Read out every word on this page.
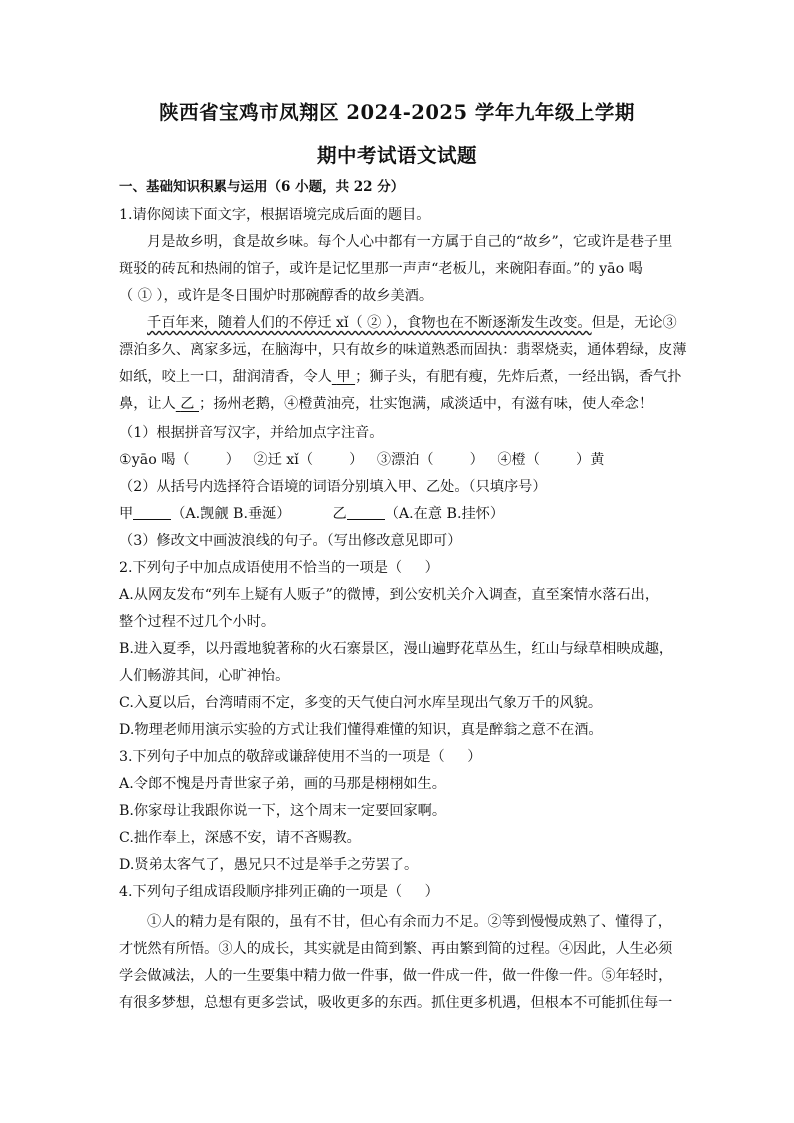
陕西省宝鸡市凤翔区 2024-2025 学年九年级上学期
期中考试语文试题
一、基础知识积累与运用（6 小题，共 22 分）
1.请你阅读下面文字，根据语境完成后面的题目。
月是故乡明，食是故乡味。每个人心中都有一方属于自己的“故乡”，它或许是巷子里
斑驳的砖瓦和热闹的馆子，或许是记忆里那一声声“老板儿，来碗阳春面。”的 yāo 喝
（ ① ），或许是冬日围炉时那碗醇香的故乡美酒。
千百年来，随着人们的不停迁 xǐ（ ② ），食物也在不断逐渐发生改变。但是，无论③
漂泊多久、离家多远，在脑海中，只有故乡的味道熟悉而固执：翡翠烧卖，通体碧绿，皮薄
如纸，咬上一口，甜润清香，令人 甲 ；狮子头，有肥有瘦，先炸后煮，一经出锅，香气扑
鼻，让人 乙 ；扬州老鹅，④橙黄油亮，壮实饱满，咸淡适中，有滋有味，使人牵念！
（1）根据拼音写汉字，并给加点字注音。
①yāo 喝（        ）   ②迁 xǐ（        ）   ③漂泊（        ）   ④橙（        ）黄
（2）从括号内选择符合语境的词语分别填入甲、乙处。（只填序号）
甲	（A.觊觎 B.垂涎）	乙	（A.在意 B.挂怀）
（3）修改文中画波浪线的句子。（写出修改意见即可）
2.下列句子中加点成语使用不恰当的一项是（     ）
A.从网友发布“列车上疑有人贩子”的微博，到公安机关介入调查，直至案情水落石出，
整个过程不过几个小时。
B.进入夏季，以丹霞地貌著称的火石寨景区，漫山遍野花草丛生，红山与绿草相映成趣，
人们畅游其间，心旷神怡。
C.入夏以后，台湾晴雨不定，多变的天气使白河水库呈现出气象万千的风貌。
D.物理老师用演示实验的方式让我们懂得难懂的知识，真是醉翁之意不在酒。
3.下列句子中加点的敬辞或谦辞使用不当的一项是（     ）
A.令郎不愧是丹青世家子弟，画的马那是栩栩如生。
B.你家母让我跟你说一下，这个周末一定要回家啊。
C.拙作奉上，深感不安，请不吝赐教。
D.贤弟太客气了，愚兄只不过是举手之劳罢了。
4.下列句子组成语段顺序排列正确的一项是（     ）
①人的精力是有限的，虽有不甘，但心有余而力不足。②等到慢慢成熟了、懂得了，
才恍然有所悟。③人的成长，其实就是由简到繁、再由繁到简的过程。④因此，人生必须
学会做减法，人的一生要集中精力做一件事，做一件成一件，做一件像一件。⑤年轻时，
有很多梦想，总想有更多尝试，吸收更多的东西。抓住更多机遇，但根本不可能抓住每一
